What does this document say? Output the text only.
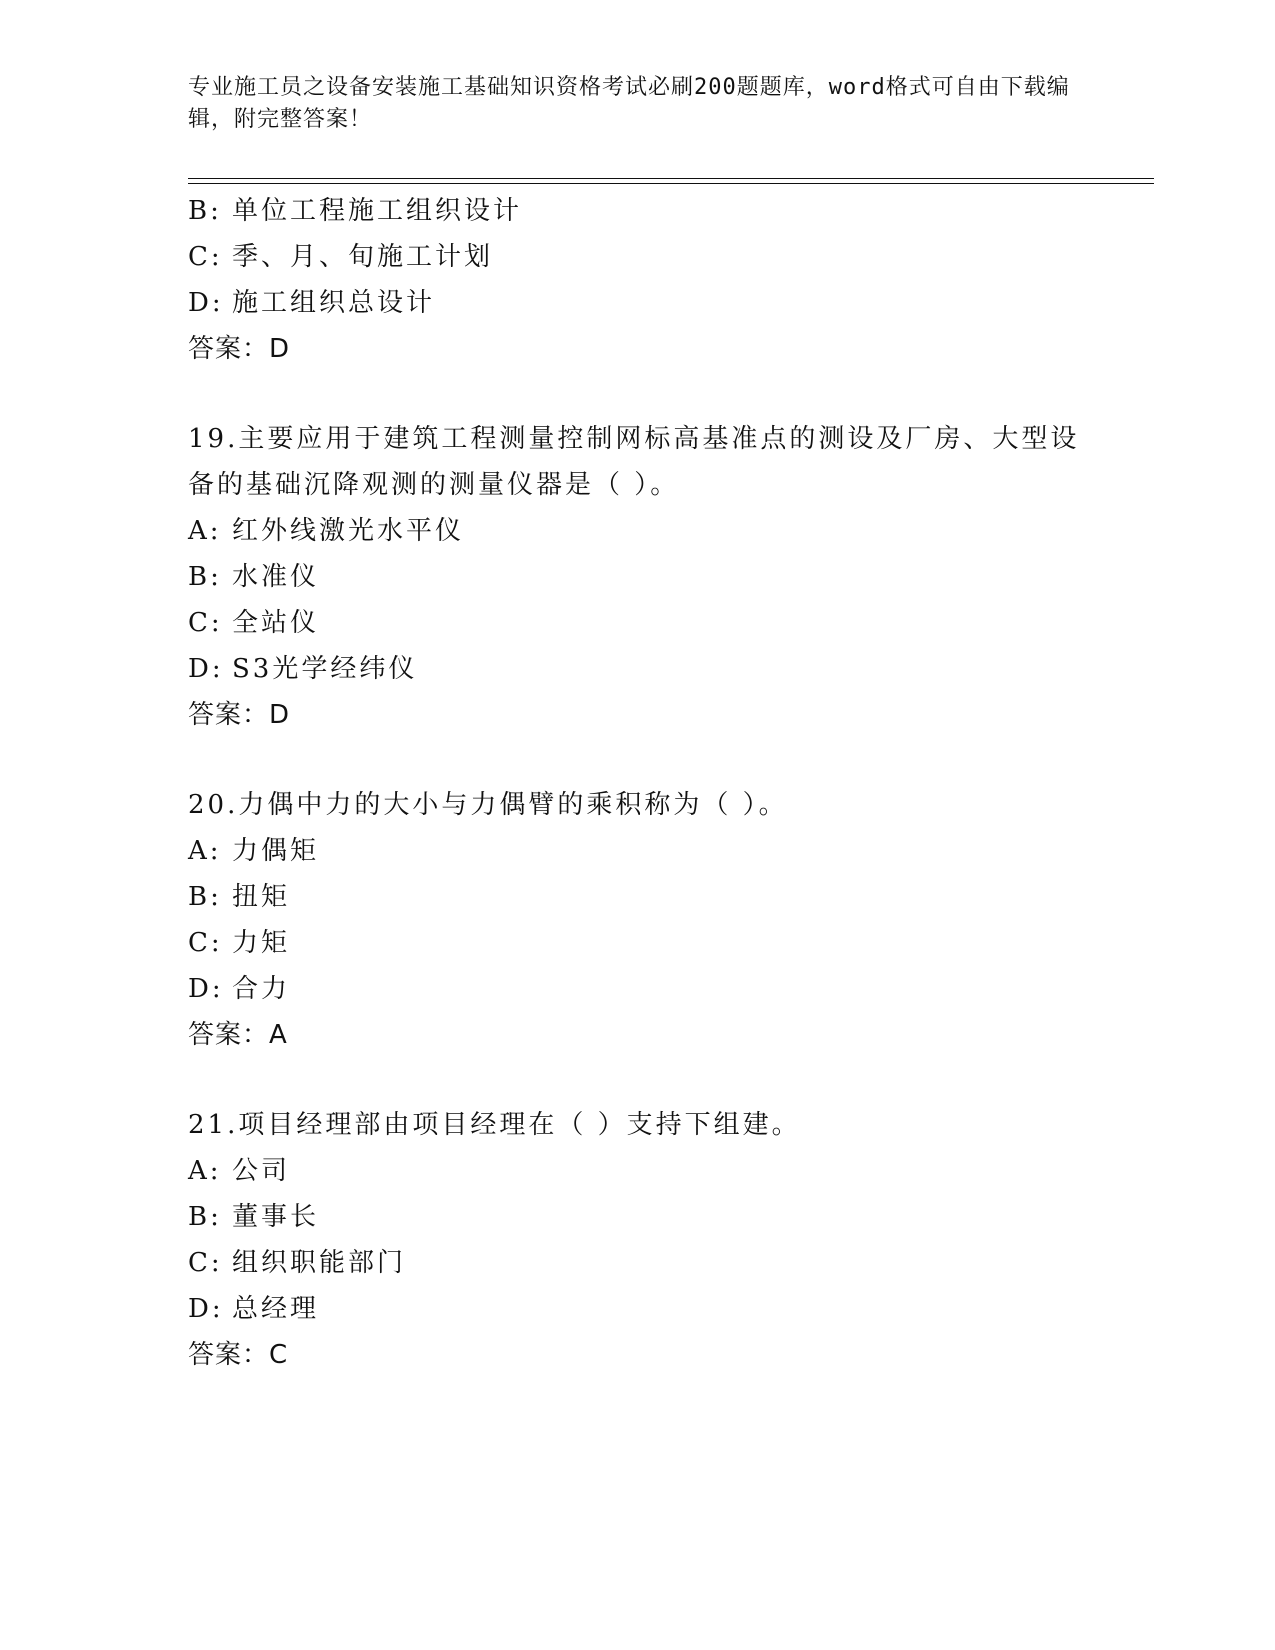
专业施工员之设备安装施工基础知识资格考试必刷200题题库，word格式可自由下载编辑，附完整答案！
B: 单位工程施工组织设计
C: 季、月、旬施工计划
D: 施工组织总设计
答案：D
19.主要应用于建筑工程测量控制网标高基准点的测设及厂房、大型设备的基础沉降观测的测量仪器是（ ）。
A: 红外线激光水平仪
B: 水准仪
C: 全站仪
D: S3光学经纬仪
答案：D
20.力偶中力的大小与力偶臂的乘积称为（ ）。
A: 力偶矩
B: 扭矩
C: 力矩
D: 合力
答案：A
21.项目经理部由项目经理在（ ）支持下组建。
A: 公司
B: 董事长
C: 组织职能部门
D: 总经理
答案：C
